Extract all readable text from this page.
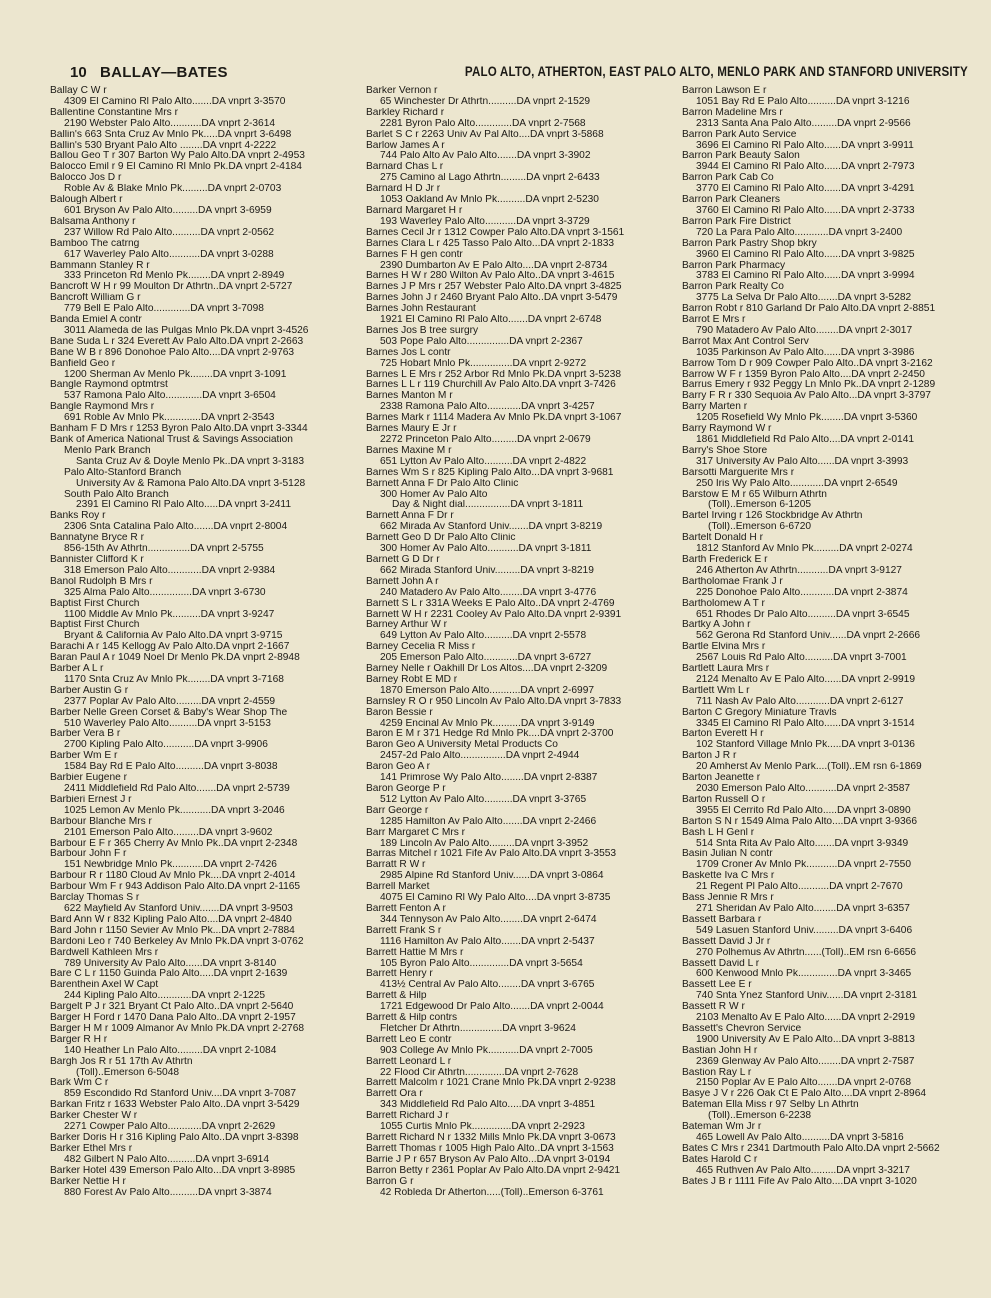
10 BALLAY—BATES	PALO ALTO, ATHERTON, EAST PALO ALTO, MENLO PARK AND STANFORD UNIVERSITY
Ballay C W r
4309 El Camino Rl Palo Alto.......DA vnprt 3-3570
Ballentine Constantine Mrs r
2190 Webster Palo Alto...........DA vnprt 2-3614
Ballin's 663 Snta Cruz Av Mnlo Pk.....DA vnprt 3-6498
Ballin's 530 Bryant Palo Alto ........DA vnprt 4-2222
Ballou Geo T r 307 Barton Wy Palo Alto.DA vnprt 2-4953
Balocco Emil r 9 El Camino Rl Mnlo Pk.DA vnprt 2-4184
Balocco Jos D r
Roble Av & Blake Mnlo Pk.........DA vnprt 2-0703
Balough Albert r
601 Bryson Av Palo Alto.........DA vnprt 3-6959
Balsama Anthony r
237 Willow Rd Palo Alto..........DA vnprt 2-0562
Bamboo The catrng
617 Waverley Palo Alto...........DA vnprt 3-0288
Bammann Stanley R r
333 Princeton Rd Menlo Pk........DA vnprt 2-8949
Bancroft W H r 99 Moulton Dr Athrtn..DA vnprt 2-5727
Bancroft William G r
779 Bell E Palo Alto.............DA vnprt 3-7098
Banda Emiel A contr
3011 Alameda de las Pulgas Mnlo Pk.DA vnprt 3-4526
Bane Suda L r 324 Everett Av Palo Alto.DA vnprt 2-2663
Bane W B r 896 Donohoe Palo Alto....DA vnprt 2-9763
Banfield Geo r
1200 Sherman Av Menlo Pk........DA vnprt 3-1091
Bangle Raymond optmtrst
537 Ramona Palo Alto.............DA vnprt 3-6504
Bangle Raymond Mrs r
691 Roble Av Mnlo Pk.............DA vnprt 2-3543
Banham F D Mrs r 1253 Byron Palo Alto.DA vnprt 3-3344
Bank of America National Trust & Savings Association
Menlo Park Branch
Santa Cruz Av & Doyle Menlo Pk..DA vnprt 3-3183
Palo Alto-Stanford Branch
University Av & Ramona Palo Alto.DA vnprt 3-5128
South Palo Alto Branch
2391 El Camino Rl Palo Alto.....DA vnprt 3-2411
Banks Roy r
2306 Snta Catalina Palo Alto.......DA vnprt 2-8004
Bannatyne Bryce R r
856-15th Av Athrtn...............DA vnprt 2-5755
Bannister Clifford K r
318 Emerson Palo Alto............DA vnprt 2-9384
Banol Rudolph B Mrs r
325 Alma Palo Alto...............DA vnprt 3-6730
Baptist First Church
1100 Middle Av Mnlo Pk..........DA vnprt 3-9247
Baptist First Church
Bryant & California Av Palo Alto.DA vnprt 3-9715
Barachi A r 145 Kellogg Av Palo Alto.DA vnprt 2-1667
Baran Paul A r 1049 Noel Dr Menlo Pk.DA vnprt 2-8948
Barber A L r
1170 Snta Cruz Av Mnlo Pk........DA vnprt 3-7168
Barber Austin G r
2377 Poplar Av Palo Alto.........DA vnprt 2-4559
Barber Nelle Green Corset & Baby's Wear Shop The
510 Waverley Palo Alto..........DA vnprt 3-5153
Barber Vera B r
2700 Kipling Palo Alto...........DA vnprt 3-9906
Barber Wm E r
1584 Bay Rd E Palo Alto..........DA vnprt 3-8038
Barbier Eugene r
2411 Middlefield Rd Palo Alto.......DA vnprt 2-5739
Barbieri Ernest J r
1025 Lemon Av Menlo Pk...........DA vnprt 3-2046
Barbour Blanche Mrs r
2101 Emerson Palo Alto.........DA vnprt 3-9602
Barbour E F r 365 Cherry Av Mnlo Pk..DA vnprt 2-2348
Barbour John F r
151 Newbridge Mnlo Pk...........DA vnprt 2-7426
Barbour R r 1180 Cloud Av Mnlo Pk....DA vnprt 2-4014
Barbour Wm F r 943 Addison Palo Alto.DA vnprt 2-1165
Barclay Thomas S r
622 Mayfield Av Stanford Univ.......DA vnprt 3-9503
Bard Ann W r 832 Kipling Palo Alto....DA vnprt 2-4840
Bard John r 1150 Sevier Av Mnlo Pk...DA vnprt 2-7884
Bardoni Leo r 740 Berkeley Av Mnlo Pk.DA vnprt 3-0762
Bardwell Kathleen Mrs r
789 University Av Palo Alto......DA vnprt 3-8140
Bare C L r 1150 Guinda Palo Alto.....DA vnprt 2-1639
Barenthein Axel W Capt
244 Kipling Palo Alto............DA vnprt 2-1225
Bargelt P J r 321 Bryant Ct Palo Alto..DA vnprt 2-5640
Barger H Ford r 1470 Dana Palo Alto..DA vnprt 2-1957
Barger H M r 1009 Almanor Av Mnlo Pk.DA vnprt 2-2768
Barger R H r
140 Heather Ln Palo Alto.........DA vnprt 2-1084
Bargh Jos R r 51 17th Av Athrtn
(Toll)..Emerson 6-5048
Bark Wm C r
859 Escondido Rd Stanford Univ....DA vnprt 3-7087
Barkan Fritz r 1633 Webster Palo Alto..DA vnprt 3-5429
Barker Chester W r
2271 Cowper Palo Alto............DA vnprt 2-2629
Barker Doris H r 316 Kipling Palo Alto..DA vnprt 3-8398
Barker Ethel Mrs r
482 Gilbert N Palo Alto..........DA vnprt 3-6914
Barker Hotel 439 Emerson Palo Alto...DA vnprt 3-8985
Barker Nettie H r
880 Forest Av Palo Alto..........DA vnprt 3-3874
Barker Vernon r
65 Winchester Dr Athrtn..........DA vnprt 2-1529
Barkley Richard r
2281 Byron Palo Alto.............DA vnprt 2-7568
Barlet S C r 2263 Univ Av Pal Alto....DA vnprt 3-5868
Barlow James A r
744 Palo Alto Av Palo Alto.......DA vnprt 3-3902
Barnard Chas L r
275 Camino al Lago Athrtn.........DA vnprt 2-6433
Barnard H D Jr r
1053 Oakland Av Mnlo Pk..........DA vnprt 2-5230
Barnard Margaret H r
193 Waverley Palo Alto...........DA vnprt 3-3729
Barnes Cecil Jr r 1312 Cowper Palo Alto.DA vnprt 3-1561
Barnes Clara L r 425 Tasso Palo Alto...DA vnprt 2-1833
Barnes F H gen contr
2390 Dumbarton Av E Palo Alto....DA vnprt 2-8734
Barnes H W r 280 Wilton Av Palo Alto..DA vnprt 3-4615
Barnes J P Mrs r 257 Webster Palo Alto.DA vnprt 3-4825
Barnes John J r 2460 Bryant Palo Alto..DA vnprt 3-5479
Barnes John Restaurant
1921 El Camino Rl Palo Alto.......DA vnprt 2-6748
Barnes Jos B tree surgry
503 Pope Palo Alto...............DA vnprt 2-2367
Barnes Jos L contr
725 Hobart Mnlo Pk...............DA vnprt 2-9272
Barnes L E Mrs r 252 Arbor Rd Mnlo Pk.DA vnprt 3-5238
Barnes L L r 119 Churchill Av Palo Alto.DA vnprt 3-7426
Barnes Manton M r
2338 Ramona Palo Alto............DA vnprt 3-4257
Barnes Mark r 1114 Madera Av Mnlo Pk.DA vnprt 3-1067
Barnes Maury E Jr r
2272 Princeton Palo Alto.........DA vnprt 2-0679
Barnes Maxine M r
651 Lytton Av Palo Alto..........DA vnprt 2-4822
Barnes Wm S r 825 Kipling Palo Alto...DA vnprt 3-9681
Barnett Anna F Dr Palo Alto Clinic
300 Homer Av Palo Alto
Day & Night dial................DA vnprt 3-1811
Barnett Anna F Dr r
662 Mirada Av Stanford Univ.......DA vnprt 3-8219
Barnett Geo D Dr Palo Alto Clinic
300 Homer Av Palo Alto...........DA vnprt 3-1811
Barnett G D Dr r
662 Mirada Stanford Univ.........DA vnprt 3-8219
Barnett John A r
240 Matadero Av Palo Alto........DA vnprt 3-4776
Barnett S L r 331A Weeks E Palo Alto..DA vnprt 2-4769
Barnett W H r 2231 Cooley Av Palo Alto.DA vnprt 2-9391
Barney Arthur W r
649 Lytton Av Palo Alto..........DA vnprt 2-5578
Barney Cecelia R Miss r
205 Emerson Palo Alto............DA vnprt 3-6727
Barney Nelle r Oakhill Dr Los Altos....DA vnprt 2-3209
Barney Robt E MD r
1870 Emerson Palo Alto...........DA vnprt 2-6997
Barnsley R O r 950 Lincoln Av Palo Alto.DA vnprt 3-7833
Baron Bessie r
4259 Encinal Av Mnlo Pk..........DA vnprt 3-9149
Baron E M r 371 Hedge Rd Mnlo Pk....DA vnprt 2-3700
Baron Geo A University Metal Products Co
2457-2d Palo Alto................DA vnprt 2-4944
Baron Geo A r
141 Primrose Wy Palo Alto........DA vnprt 2-8387
Baron George P r
512 Lytton Av Palo Alto..........DA vnprt 3-3765
Barr George r
1285 Hamilton Av Palo Alto.......DA vnprt 2-2466
Barr Margaret C Mrs r
189 Lincoln Av Palo Alto.........DA vnprt 3-3952
Barras Mitchel r 1021 Fife Av Palo Alto.DA vnprt 3-3553
Barratt R W r
2985 Alpine Rd Stanford Univ......DA vnprt 3-0864
Barrell Market
4075 El Camino Rl Wy Palo Alto....DA vnprt 3-8735
Barrett Fenton A r
344 Tennyson Av Palo Alto........DA vnprt 2-6474
Barrett Frank S r
1116 Hamilton Av Palo Alto.......DA vnprt 2-5437
Barrett Hattie M Mrs r
105 Byron Palo Alto..............DA vnprt 3-5654
Barrett Henry r
413½ Central Av Palo Alto........DA vnprt 3-6765
Barrett & Hilp
1721 Edgewood Dr Palo Alto.......DA vnprt 2-0044
Barrett & Hilp contrs
Fletcher Dr Athrtn...............DA vnprt 3-9624
Barrett Leo E contr
903 College Av Mnlo Pk...........DA vnprt 2-7005
Barrett Leonard L r
22 Flood Cir Athrtn..............DA vnprt 2-7628
Barrett Malcolm r 1021 Crane Mnlo Pk.DA vnprt 2-9238
Barrett Ora r
343 Middlefield Rd Palo Alto.....DA vnprt 3-4851
Barrett Richard J r
1055 Curtis Mnlo Pk..............DA vnprt 2-2923
Barrett Richard N r 1332 Mills Mnlo Pk.DA vnprt 3-0673
Barrett Thomas r 1005 High Palo Alto..DA vnprt 3-1563
Barrie J P r 657 Bryson Av Palo Alto...DA vnprt 3-0194
Barron Betty r 2361 Poplar Av Palo Alto.DA vnprt 2-9421
Barron G r
42 Robleda Dr Atherton.....(Toll)..Emerson 6-3761
Barron Lawson E r
1051 Bay Rd E Palo Alto..........DA vnprt 3-1216
Barron Madeline Mrs r
2313 Santa Ana Palo Alto.........DA vnprt 2-9566
Barron Park Auto Service
3696 El Camino Rl Palo Alto......DA vnprt 3-9911
Barron Park Beauty Salon
3944 El Camino Rl Palo Alto......DA vnprt 2-7973
Barron Park Cab Co
3770 El Camino Rl Palo Alto......DA vnprt 3-4291
Barron Park Cleaners
3760 El Camino Rl Palo Alto......DA vnprt 2-3733
Barron Park Fire District
720 La Para Palo Alto............DA vnprt 3-2400
Barron Park Pastry Shop bkry
3960 El Camino Rl Palo Alto......DA vnprt 3-9825
Barron Park Pharmacy
3783 El Camino Rl Palo Alto......DA vnprt 3-9994
Barron Park Realty Co
3775 La Selva Dr Palo Alto.......DA vnprt 3-5282
Barron Robt r 810 Garland Dr Palo Alto.DA vnprt 2-8851
Barrot E Mrs r
790 Matadero Av Palo Alto........DA vnprt 2-3017
Barrot Max Ant Control Serv
1035 Parkinson Av Palo Alto......DA vnprt 3-3986
Barrow Tom D r 909 Cowper Palo Alto..DA vnprt 3-2162
Barrow W F r 1359 Byron Palo Alto....DA vnprt 2-2450
Barrus Emery r 932 Peggy Ln Mnlo Pk..DA vnprt 2-1289
Barry F R r 330 Sequoia Av Palo Alto...DA vnprt 3-3797
Barry Marten r
1205 Rosefield Wy Mnlo Pk........DA vnprt 3-5360
Barry Raymond W r
1861 Middlefield Rd Palo Alto....DA vnprt 2-0141
Barry's Shoe Store
317 University Av Palo Alto......DA vnprt 3-3993
Barsotti Marguerite Mrs r
250 Iris Wy Palo Alto............DA vnprt 2-6549
Barstow E M r 65 Wilburn Athrtn
(Toll)..Emerson 6-1205
Bartel Irving r 126 Stockbridge Av Athrtn
(Toll)..Emerson 6-6720
Bartelt Donald H r
1812 Stanford Av Mnlo Pk.........DA vnprt 2-0274
Barth Frederick E r
246 Atherton Av Athrtn...........DA vnprt 3-9127
Bartholomae Frank J r
225 Donohoe Palo Alto............DA vnprt 2-3874
Bartholomew A T r
651 Rhodes Dr Palo Alto..........DA vnprt 3-6545
Bartky A John r
562 Gerona Rd Stanford Univ......DA vnprt 2-2666
Bartle Elvina Mrs r
2567 Louis Rd Palo Alto..........DA vnprt 3-7001
Bartlett Laura Mrs r
2124 Menalto Av E Palo Alto......DA vnprt 2-9919
Bartlett Wm L r
711 Nash Av Palo Alto............DA vnprt 2-6127
Barton C Gregory Miniature Travls
3345 El Camino Rl Palo Alto......DA vnprt 3-1514
Barton Everett H r
102 Stanford Village Mnlo Pk.....DA vnprt 3-0136
Barton J R r
20 Amherst Av Menlo Park....(Toll)..EM rsn 6-1869
Barton Jeanette r
2030 Emerson Palo Alto...........DA vnprt 2-3587
Barton Russell O r
3955 El Cerrito Rd Palo Alto.....DA vnprt 3-0890
Barton S N r 1549 Alma Palo Alto....DA vnprt 3-9366
Bash L H Genl r
514 Snta Rita Av Palo Alto.......DA vnprt 3-9349
Basin Julian N contr
1709 Croner Av Mnlo Pk...........DA vnprt 2-7550
Baskette Iva C Mrs r
21 Regent Pl Palo Alto...........DA vnprt 2-7670
Bass Jennie R Mrs r
271 Sheridan Av Palo Alto........DA vnprt 3-6357
Bassett Barbara r
549 Lasuen Stanford Univ.........DA vnprt 3-6406
Bassett David J Jr r
270 Polhemus Av Athrtn......(Toll)..EM rsn 6-6656
Bassett David L r
600 Kenwood Mnlo Pk..............DA vnprt 3-3465
Bassett Lee E r
740 Snta Ynez Stanford Univ......DA vnprt 2-3181
Bassett R W r
2103 Menalto Av E Palo Alto......DA vnprt 2-2919
Bassett's Chevron Service
1900 University Av E Palo Alto...DA vnprt 3-8813
Bastian John H r
2369 Glenway Av Palo Alto........DA vnprt 2-7587
Bastion Ray L r
2150 Poplar Av E Palo Alto.......DA vnprt 2-0768
Basye J V r 226 Oak Ct E Palo Alto....DA vnprt 2-8964
Bateman Ella Miss r 97 Selby Ln Athrtn
(Toll)..Emerson 6-2238
Bateman Wm Jr r
465 Lowell Av Palo Alto..........DA vnprt 3-5816
Bates C Mrs r 2341 Dartmouth Palo Alto.DA vnprt 2-5662
Bates Harold C r
465 Ruthven Av Palo Alto.........DA vnprt 3-3217
Bates J B r 1111 Fife Av Palo Alto....DA vnprt 3-1020
